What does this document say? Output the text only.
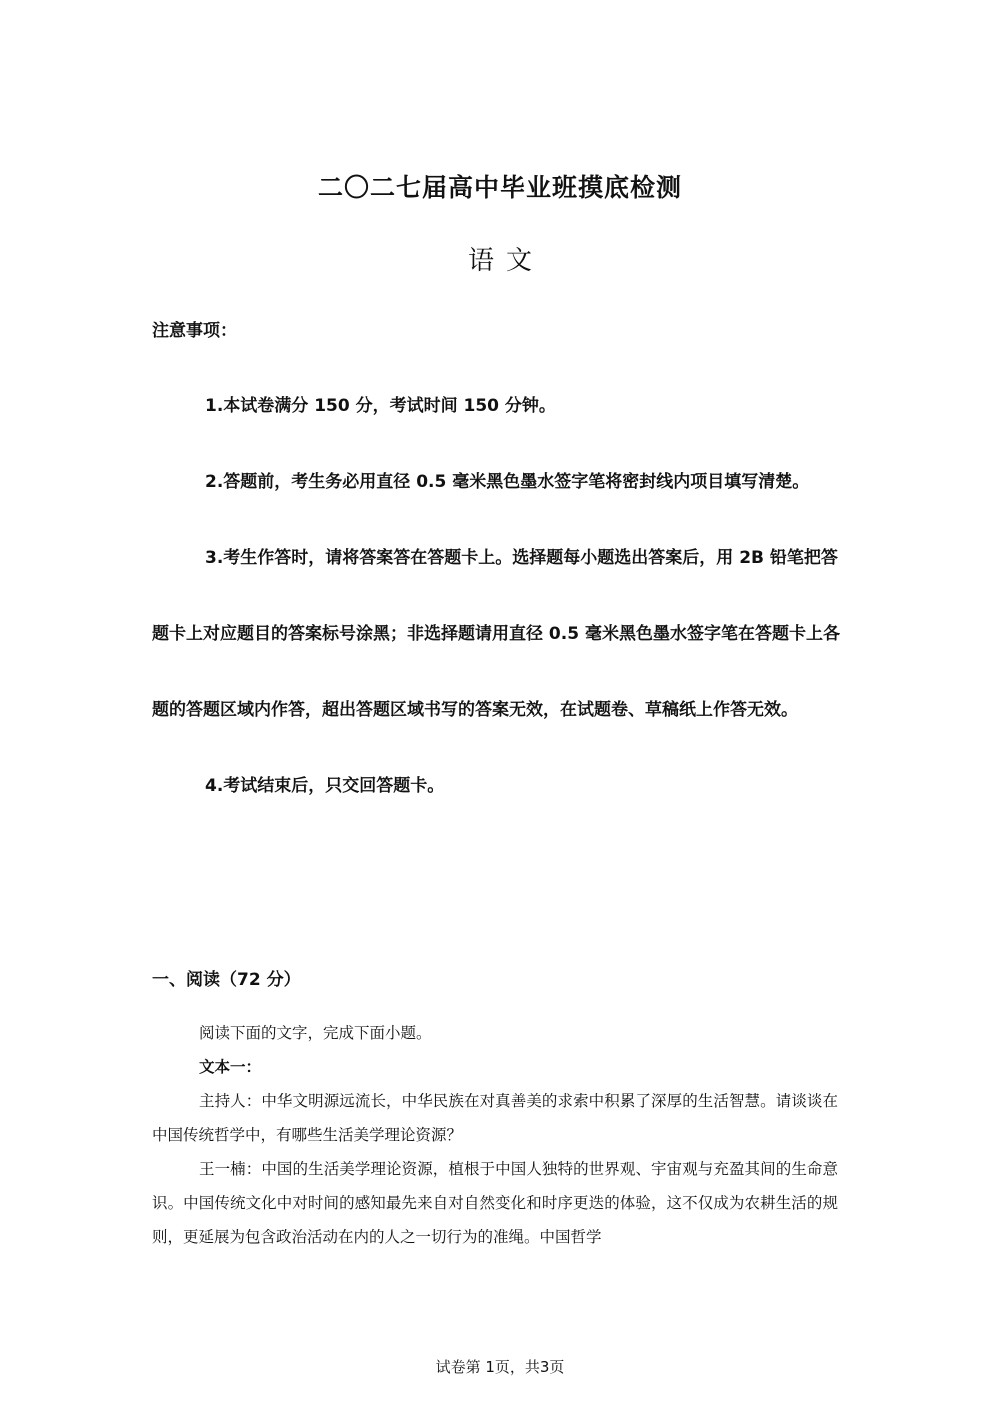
二〇二七届高中毕业班摸底检测
语文
注意事项：
1.本试卷满分 150 分，考试时间 150 分钟。
2.答题前，考生务必用直径 0.5 毫米黑色墨水签字笔将密封线内项目填写清楚。
3.考生作答时，请将答案答在答题卡上。选择题每小题选出答案后，用 2B 铅笔把答题卡上对应题目的答案标号涂黑；非选择题请用直径 0.5 毫米黑色墨水签字笔在答题卡上各题的答题区域内作答，超出答题区域书写的答案无效，在试题卷、草稿纸上作答无效。
4.考试结束后，只交回答题卡。
一、阅读（72 分）

阅读下面的文字，完成下面小题。

文本一：

主持人：中华文明源远流长，中华民族在对真善美的求索中积累了深厚的生活智慧。请谈谈在中国传统哲学中，有哪些生活美学理论资源？

王一楠：中国的生活美学理论资源，植根于中国人独特的世界观、宇宙观与充盈其间的生命意识。中国传统文化中对时间的感知最先来自对自然变化和时序更迭的体验，这不仅成为农耕生活的规则，更延展为包含政治活动在内的人之一切行为的准绳。中国哲学

试卷第 1页，共3页
